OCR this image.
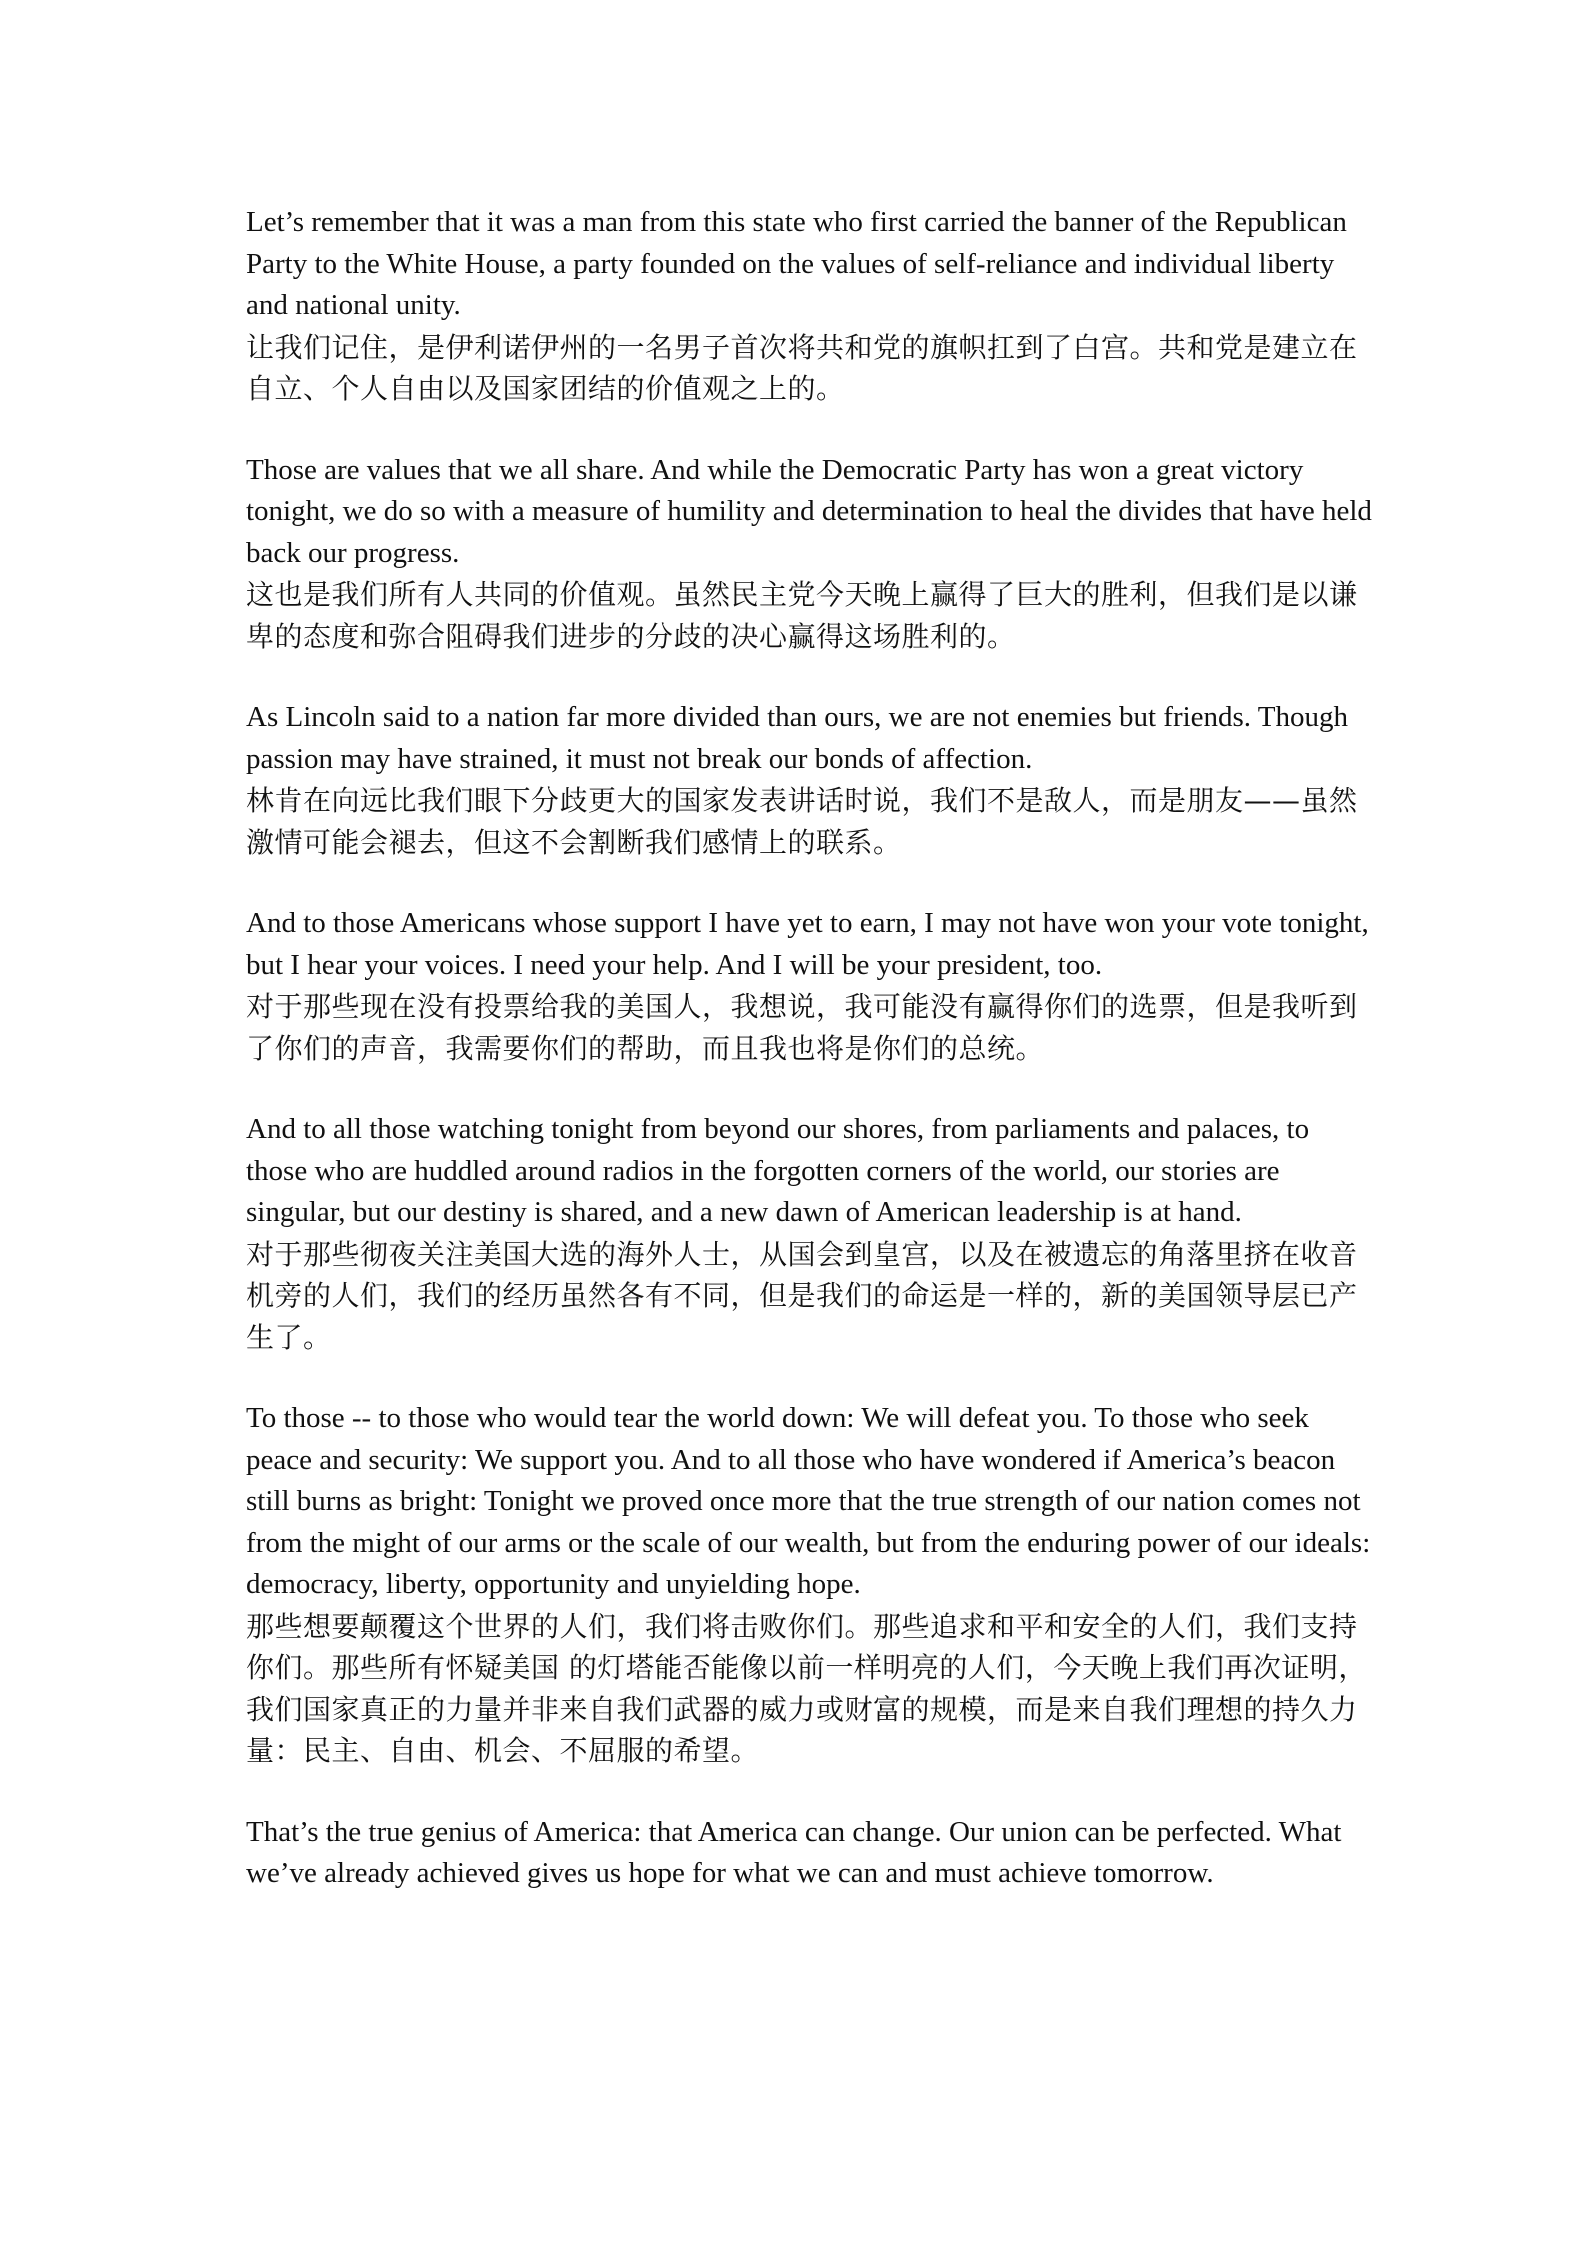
Let’s remember that it was a man from this state who first carried the banner of the Republican Party to the White House, a party founded on the values of self-reliance and individual liberty and national unity.

让我们记住，是伊利诺伊州的一名男子首次将共和党的旗帜扛到了白宫。共和党是建立在自立、个人自由以及国家团结的价值观之上的。

Those are values that we all share. And while the Democratic Party has won a great victory tonight, we do so with a measure of humility and determination to heal the divides that have held back our progress.

这也是我们所有人共同的价值观。虽然民主党今天晚上赢得了巨大的胜利，但我们是以谦卑的态度和弥合阻碍我们进步的分歧的决心赢得这场胜利的。

As Lincoln said to a nation far more divided than ours, we are not enemies but friends. Though passion may have strained, it must not break our bonds of affection.

林肯在向远比我们眼下分歧更大的国家发表讲话时说，我们不是敌人，而是朋友——虽然激情可能会褪去，但这不会割断我们感情上的联系。

And to those Americans whose support I have yet to earn, I may not have won your vote tonight, but I hear your voices. I need your help. And I will be your president, too.

对于那些现在没有投票给我的美国人，我想说，我可能没有赢得你们的选票，但是我听到了你们的声音，我需要你们的帮助，而且我也将是你们的总统。

And to all those watching tonight from beyond our shores, from parliaments and palaces, to those who are huddled around radios in the forgotten corners of the world, our stories are singular, but our destiny is shared, and a new dawn of American leadership is at hand.

对于那些彻夜关注美国大选的海外人士，从国会到皇宫，以及在被遗忘的角落里挤在收音机旁的人们，我们的经历虽然各有不同，但是我们的命运是一样的，新的美国领导层已产生了。

To those -- to those who would tear the world down: We will defeat you. To those who seek peace and security: We support you. And to all those who have wondered if America’s beacon still burns as bright: Tonight we proved once more that the true strength of our nation comes not from the might of our arms or the scale of our wealth, but from the enduring power of our ideals: democracy, liberty, opportunity and unyielding hope.

那些想要颠覆这个世界的人们，我们将击败你们。那些追求和平和安全的人们，我们支持你们。那些所有怀疑美国 的灯塔能否能像以前一样明亮的人们，今天晚上我们再次证明，我们国家真正的力量并非来自我们武器的威力或财富的规模，而是来自我们理想的持久力量：民主、自由、机会、不屈服的希望。

That’s the true genius of America: that America can change. Our union can be perfected. What we’ve already achieved gives us hope for what we can and must achieve tomorrow.
